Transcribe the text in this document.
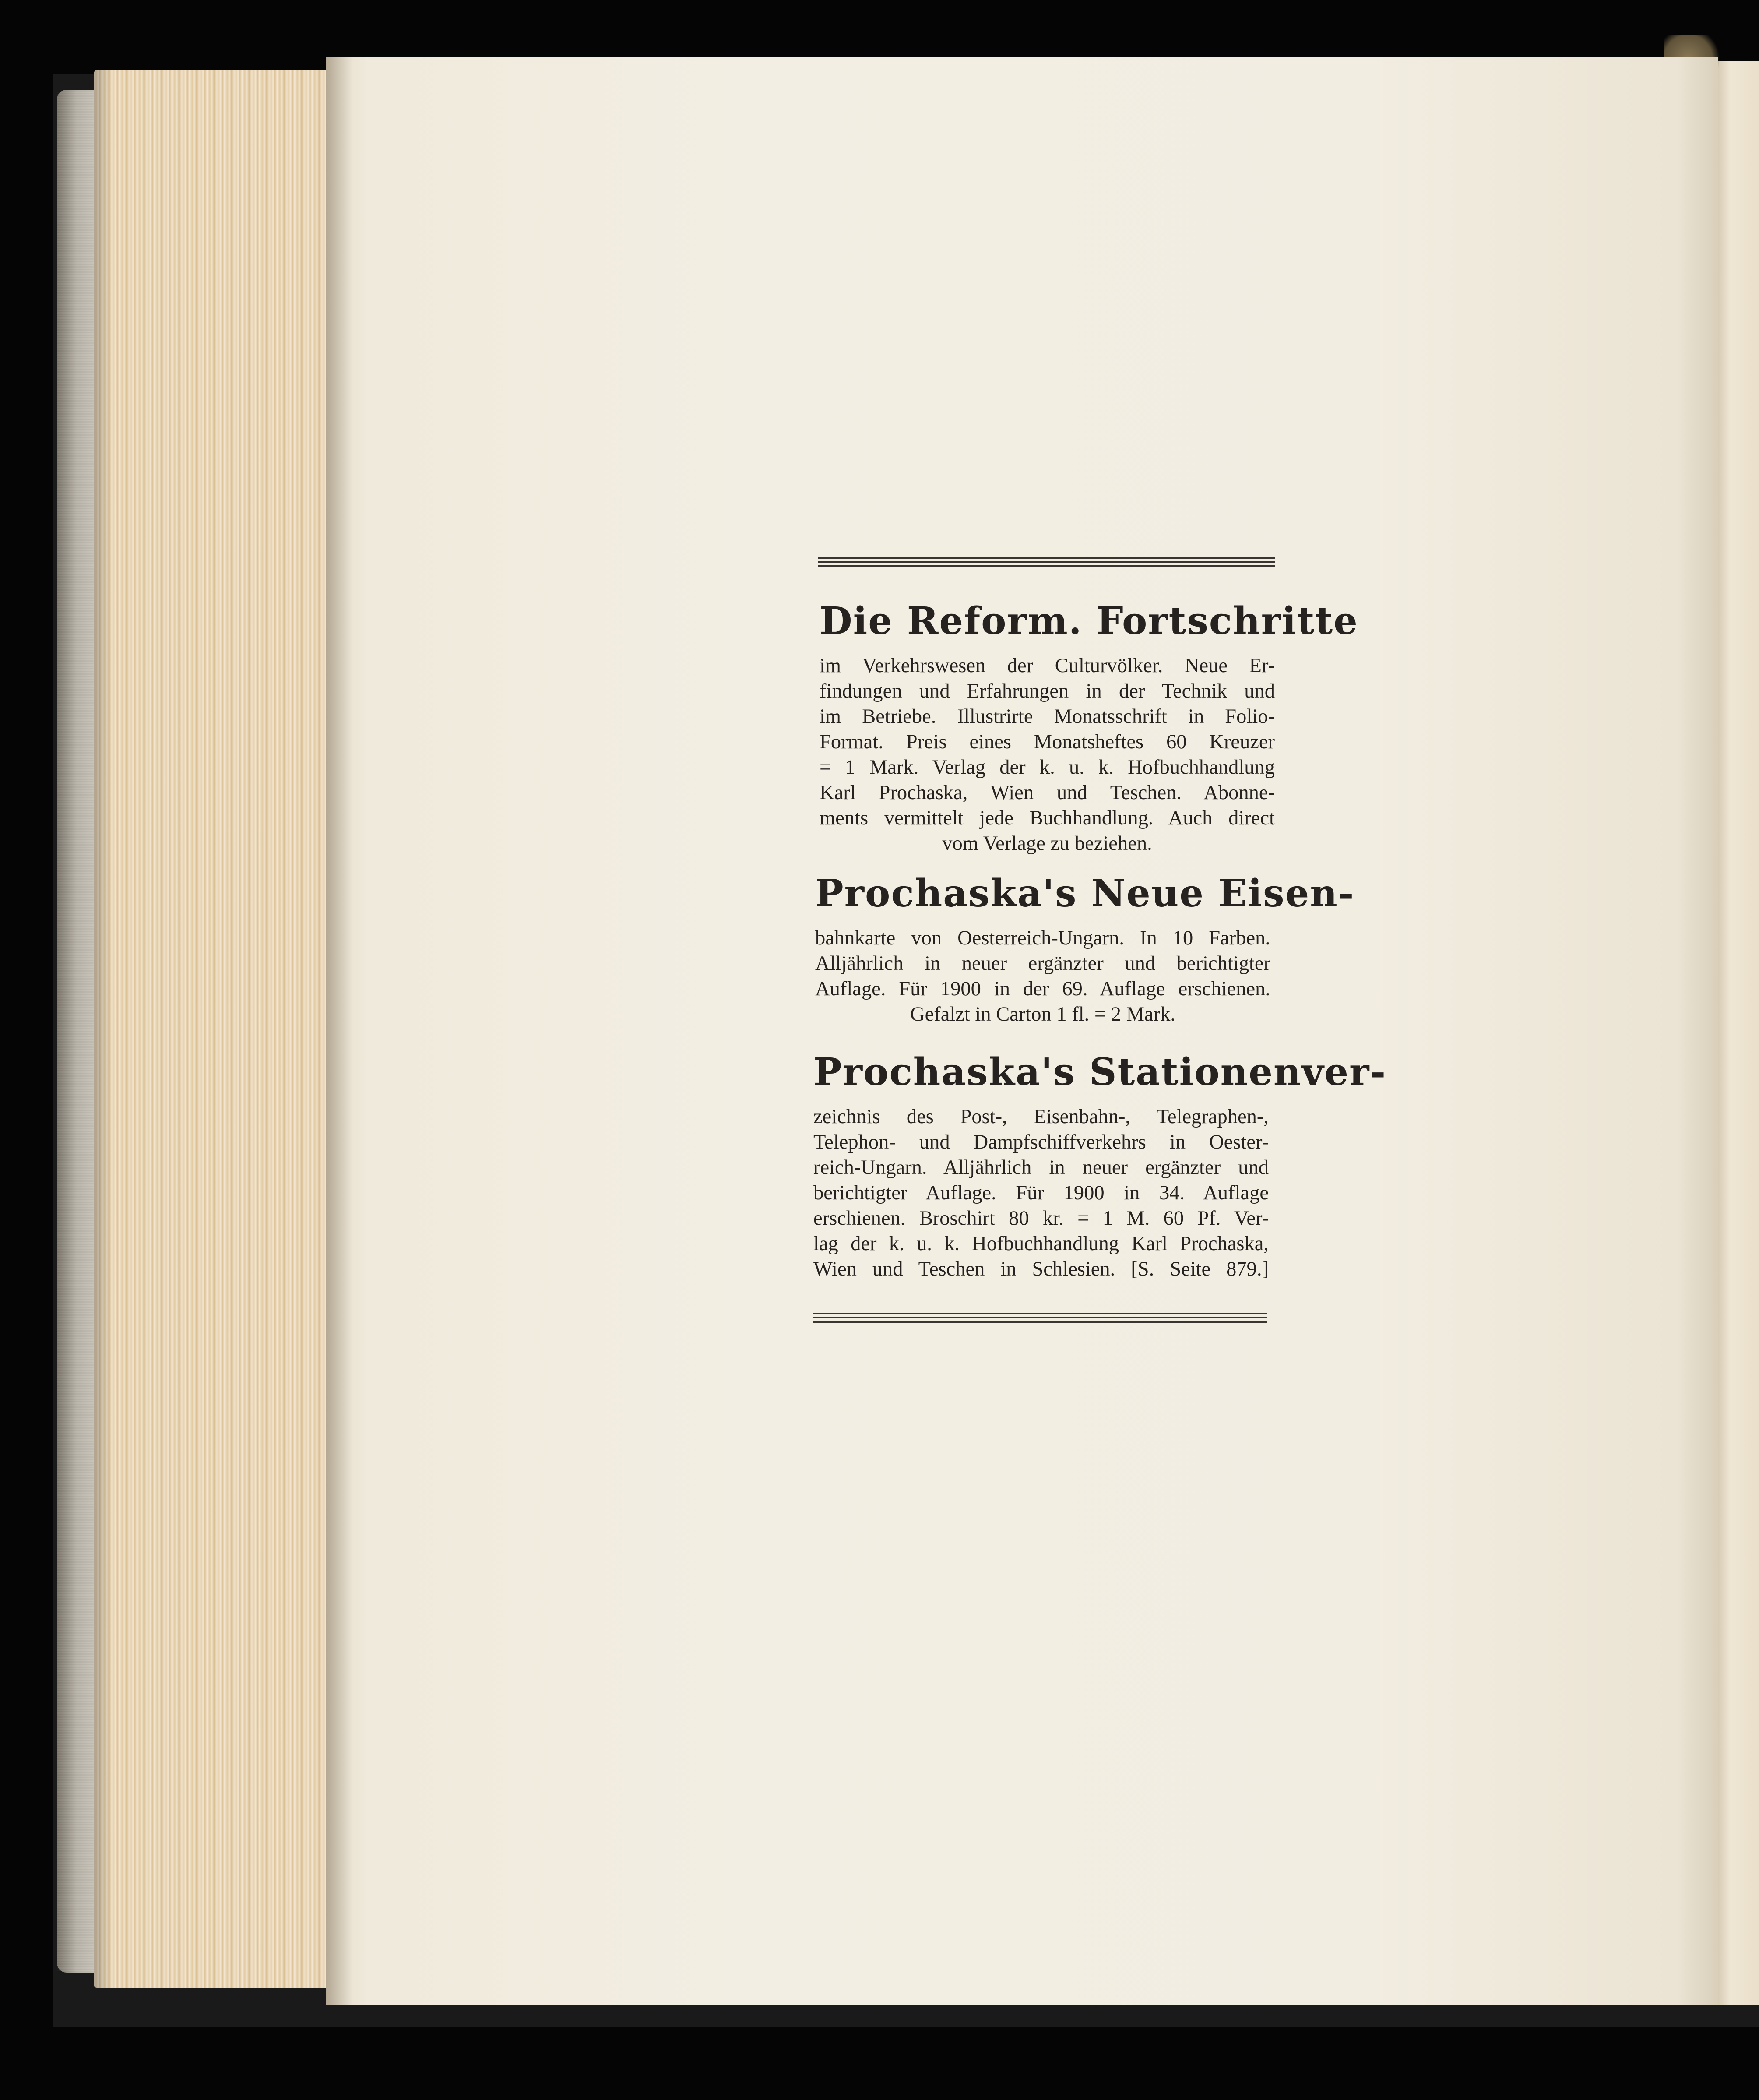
Die Reform. Fortschritte
im Verkehrswesen der Culturvölker. Neue Er- findungen und Erfahrungen in der Technik und im Betriebe. Illustrirte Monatsschrift in Folio- Format. Preis eines Monatsheftes 60 Kreuzer = 1 Mark. Verlag der k. u. k. Hofbuchhandlung Karl Prochaska, Wien und Teschen. Abonne- ments vermittelt jede Buchhandlung. Auch direct
vom Verlage zu beziehen.
Prochaska's Neue Eisen-
bahnkarte von Oesterreich-Ungarn. In 10 Farben. Alljährlich in neuer ergänzter und berichtigter Auflage. Für 1900 in der 69. Auflage erschienen.
Gefalzt in Carton 1 fl. = 2 Mark.
Prochaska's Stationenver-
zeichnis des Post-, Eisenbahn-, Telegraphen-, Telephon- und Dampfschiffverkehrs in Oester- reich-Ungarn. Alljährlich in neuer ergänzter und berichtigter Auflage. Für 1900 in 34. Auflage erschienen. Broschirt 80 kr. = 1 M. 60 Pf. Ver- lag der k. u. k. Hofbuchhandlung Karl Prochaska, Wien und Teschen in Schlesien. [S. Seite 879.]
